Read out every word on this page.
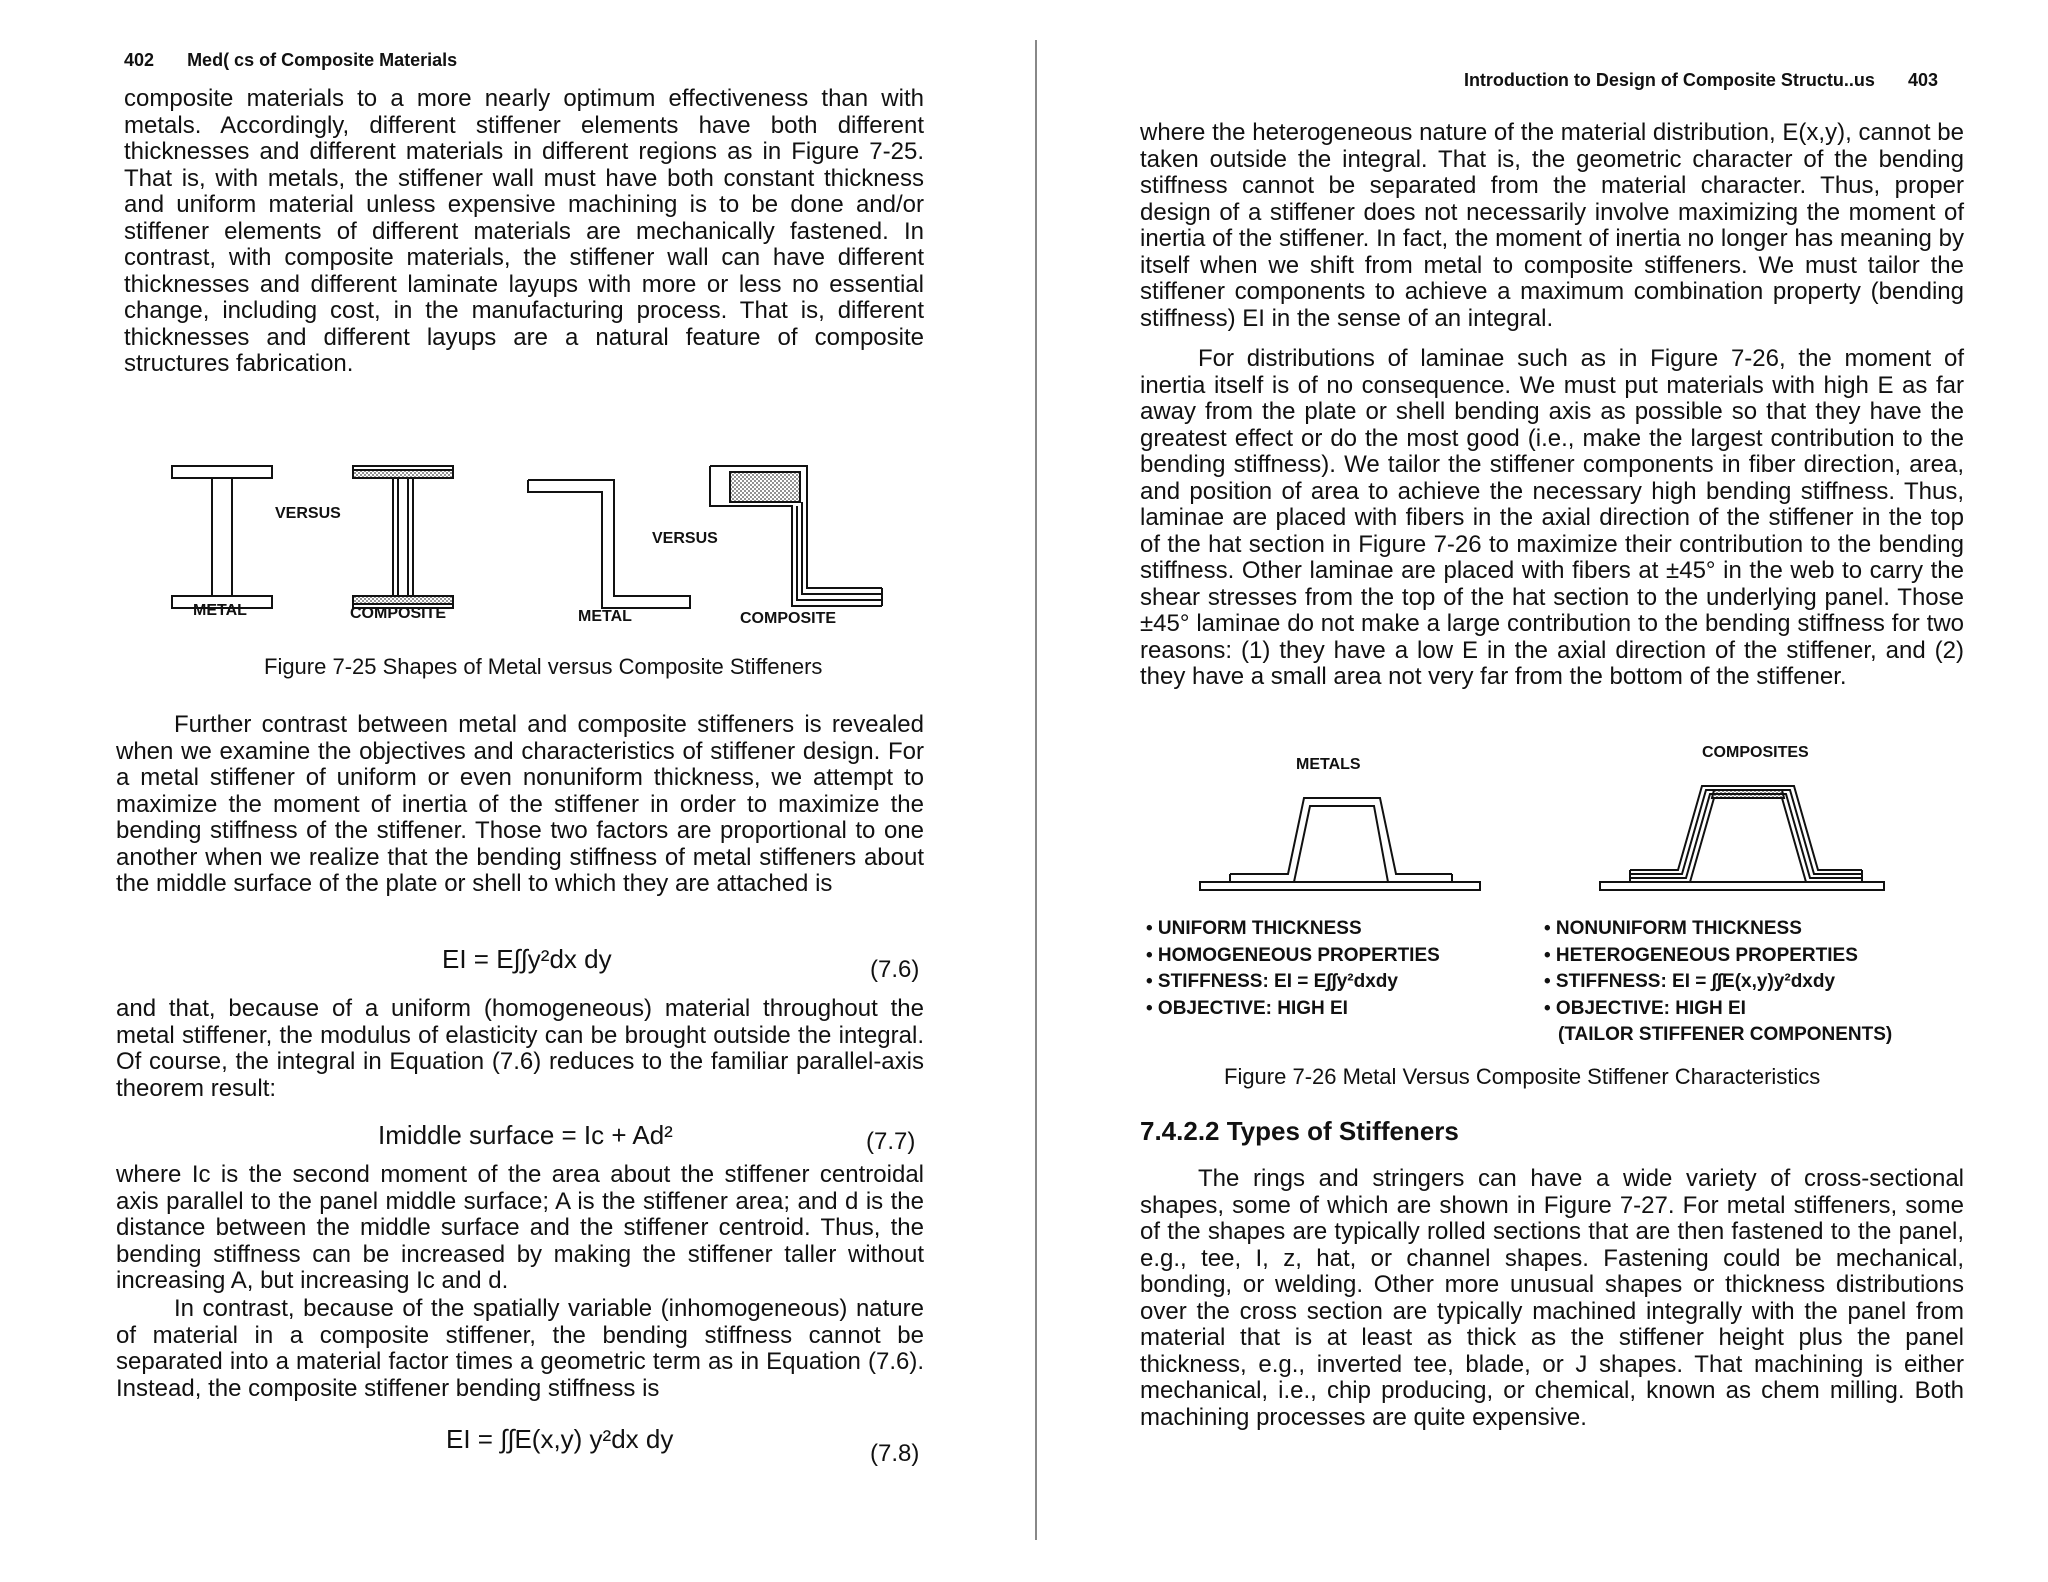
402 Med( cs of Composite Materials

composite materials to a more nearly optimum effectiveness than with metals. Accordingly, different stiffener elements have both different thicknesses and different materials in different regions as in Figure 7-25. That is, with metals, the stiffener wall must have both constant thickness and uniform material unless expensive machining is to be done and/or stiffener elements of different materials are mechanically fastened. In contrast, with composite materials, the stiffener wall can have different thicknesses and different laminate layups with more or less no essential change, including cost, in the manufacturing process. That is, different thicknesses and different layups are a natural feature of composite structures fabrication.

VERSUS
VERSUS
METAL	COMPOSITE	METAL	COMPOSITE
Figure 7-25 Shapes of Metal versus Composite Stiffeners

Further contrast between metal and composite stiffeners is revealed when we examine the objectives and characteristics of stiffener design. For a metal stiffener of uniform or even nonuniform thickness, we attempt to maximize the moment of inertia of the stiffener in order to maximize the bending stiffness of the stiffener. Those two factors are proportional to one another when we realize that the bending stiffness of metal stiffeners about the middle surface of the plate or shell to which they are attached is

EI = E∫∫y²dx dy	(7.6)

and that, because of a uniform (homogeneous) material throughout the metal stiffener, the modulus of elasticity can be brought outside the integral. Of course, the integral in Equation (7.6) reduces to the familiar parallel-axis theorem result:

Imiddle surface = Ic + Ad²	(7.7)

where Ic is the second moment of the area about the stiffener centroidal axis parallel to the panel middle surface; A is the stiffener area; and d is the distance between the middle surface and the stiffener centroid. Thus, the bending stiffness can be increased by making the stiffener taller without increasing A, but increasing Ic and d.

In contrast, because of the spatially variable (inhomogeneous) nature of material in a composite stiffener, the bending stiffness cannot be separated into a material factor times a geometric term as in Equation (7.6). Instead, the composite stiffener bending stiffness is

EI = ∫∫E(x,y) y²dx dy	(7.8)
Introduction to Design of Composite Structu..us 403

where the heterogeneous nature of the material distribution, E(x,y), cannot be taken outside the integral. That is, the geometric character of the bending stiffness cannot be separated from the material character. Thus, proper design of a stiffener does not necessarily involve maximizing the moment of inertia of the stiffener. In fact, the moment of inertia no longer has meaning by itself when we shift from metal to composite stiffeners. We must tailor the stiffener components to achieve a maximum combination property (bending stiffness) EI in the sense of an integral.

For distributions of laminae such as in Figure 7-26, the moment of inertia itself is of no consequence. We must put materials with high E as far away from the plate or shell bending axis as possible so that they have the greatest effect or do the most good (i.e., make the largest contribution to the bending stiffness). We tailor the stiffener components in fiber direction, area, and position of area to achieve the necessary high bending stiffness. Thus, laminae are placed with fibers in the axial direction of the stiffener in the top of the hat section in Figure 7-26 to maximize their contribution to the bending stiffness. Other laminae are placed with fibers at ±45° in the web to carry the shear stresses from the top of the hat section to the underlying panel. Those ±45° laminae do not make a large contribution to the bending stiffness for two reasons: (1) they have a low E in the axial direction of the stiffener, and (2) they have a small area not very far from the bottom of the stiffener.

METALS
COMPOSITES
• UNIFORM THICKNESS
• HOMOGENEOUS PROPERTIES
• STIFFNESS: EI = E∫∫y²dxdy
• OBJECTIVE: HIGH EI
• NONUNIFORM THICKNESS
• HETEROGENEOUS PROPERTIES
• STIFFNESS: EI = ∫∫E(x,y)y²dxdy
• OBJECTIVE: HIGH EI
(TAILOR STIFFENER COMPONENTS)
Figure 7-26 Metal Versus Composite Stiffener Characteristics
7.4.2.2 Types of Stiffeners

The rings and stringers can have a wide variety of cross-sectional shapes, some of which are shown in Figure 7-27. For metal stiffeners, some of the shapes are typically rolled sections that are then fastened to the panel, e.g., tee, I, z, hat, or channel shapes. Fastening could be mechanical, bonding, or welding. Other more unusual shapes or thickness distributions over the cross section are typically machined integrally with the panel from material that is at least as thick as the stiffener height plus the panel thickness, e.g., inverted tee, blade, or J shapes. That machining is either mechanical, i.e., chip producing, or chemical, known as chem milling. Both machining processes are quite expensive.
